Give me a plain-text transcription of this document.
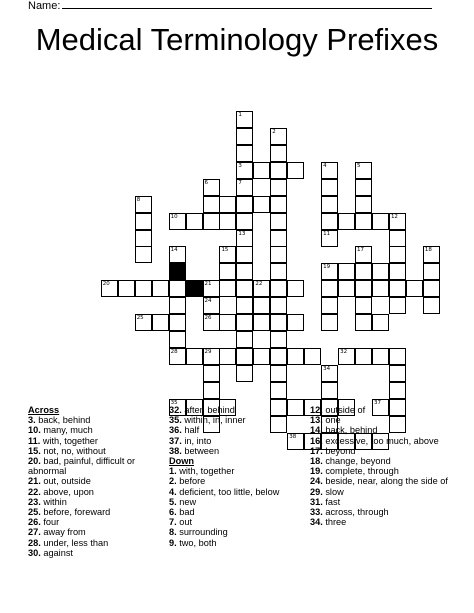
Name:
Medical Terminology Prefixes
1
3
2
4
11
5
6	7
8
10	12
13
14	15	17	18
19
20	21	22
24
25	26
28	29	32
34
35	37
38
Across
3. back, behind
10. many, much
11. with, together
15. not, no, without
20. bad, painful, difficult or abnormal
21. out, outside
22. above, upon
23. within
25. before, foreward
26. four
27. away from
28. under, less than
30. against
32. after, behind
35. within, in, inner
36. half
37. in, into
38. between
Down
1. with, together
2. before
4. deficient, too little, below
5. new
6. bad
7. out
8. surrounding
9. two, both
12. outside of
13. one
14. back, behind
16. excessive, too much, above
17. beyond
18. change, beyond
19. complete, through
24. beside, near, along the side of
29. slow
31. fast
33. across, through
34. three
